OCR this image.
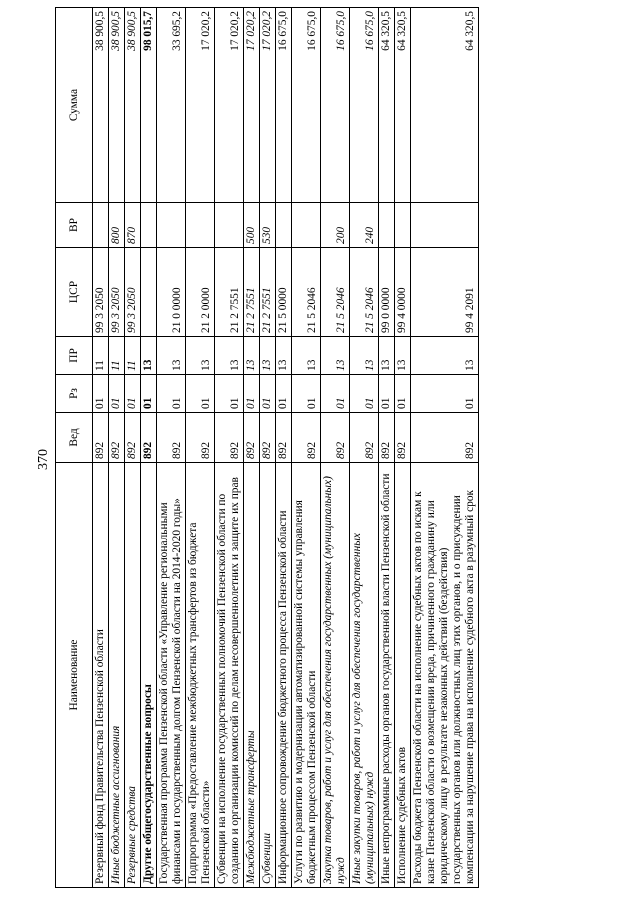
370
Наименование	Вед	Рз	ПР	ЦСР	ВР	Сумма
Резервный фонд Правительства Пензенской области	892	01	11	99 3 2050		38 900,5
Иные бюджетные ассигнования	892	01	11	99 3 2050	800	38 900,5
Резервные средства	892	01	11	99 3 2050	870	38 900,5
Другие общегосударственные вопросы	892	01	13			98 015,7
Государственная программа Пензенской области «Управление региональными финансами и государственным долгом Пензенской области на 2014-2020 годы»	892	01	13	21 0 0000		33 695,2
Подпрограмма «Предоставление межбюджетных трансфертов из бюджета Пензенской области»	892	01	13	21 2 0000		17 020,2
Субвенции на исполнение государственных полномочий Пензенской области по созданию и организации комиссий по делам несовершеннолетних и защите их прав	892	01	13	21 2 7551		17 020,2
Межбюджетные трансферты	892	01	13	21 2 7551	500	17 020,2
Субвенции	892	01	13	21 2 7551	530	17 020,2
Информационное сопровождение бюджетного процесса Пензенской области	892	01	13	21 5 0000		16 675,0
Услуги по развитию и модернизации автоматизированной системы управления бюджетным процессом Пензенской области	892	01	13	21 5 2046		16 675,0
Закупка товаров, работ и услуг для обеспечения государственных (муниципальных) нужд	892	01	13	21 5 2046	200	16 675,0
Иные закупки товаров, работ и услуг для обеспечения государственных (муниципальных) нужд	892	01	13	21 5 2046	240	16 675,0
Иные непрограммные расходы органов государственной власти Пензенской области	892	01	13	99 0 0000		64 320,5
Исполнение судебных актов	892	01	13	99 4 0000		64 320,5
Расходы бюджета Пензенской области на исполнение судебных актов по искам к казне Пензенской области о возмещении вреда, причиненного гражданину или юридическому лицу в результате незаконных действий (бездействия) государственных органов или должностных лиц этих органов, и о присуждении компенсации за нарушение права на исполнение судебного акта в разумный срок	892	01	13	99 4 2091		64 320,5
